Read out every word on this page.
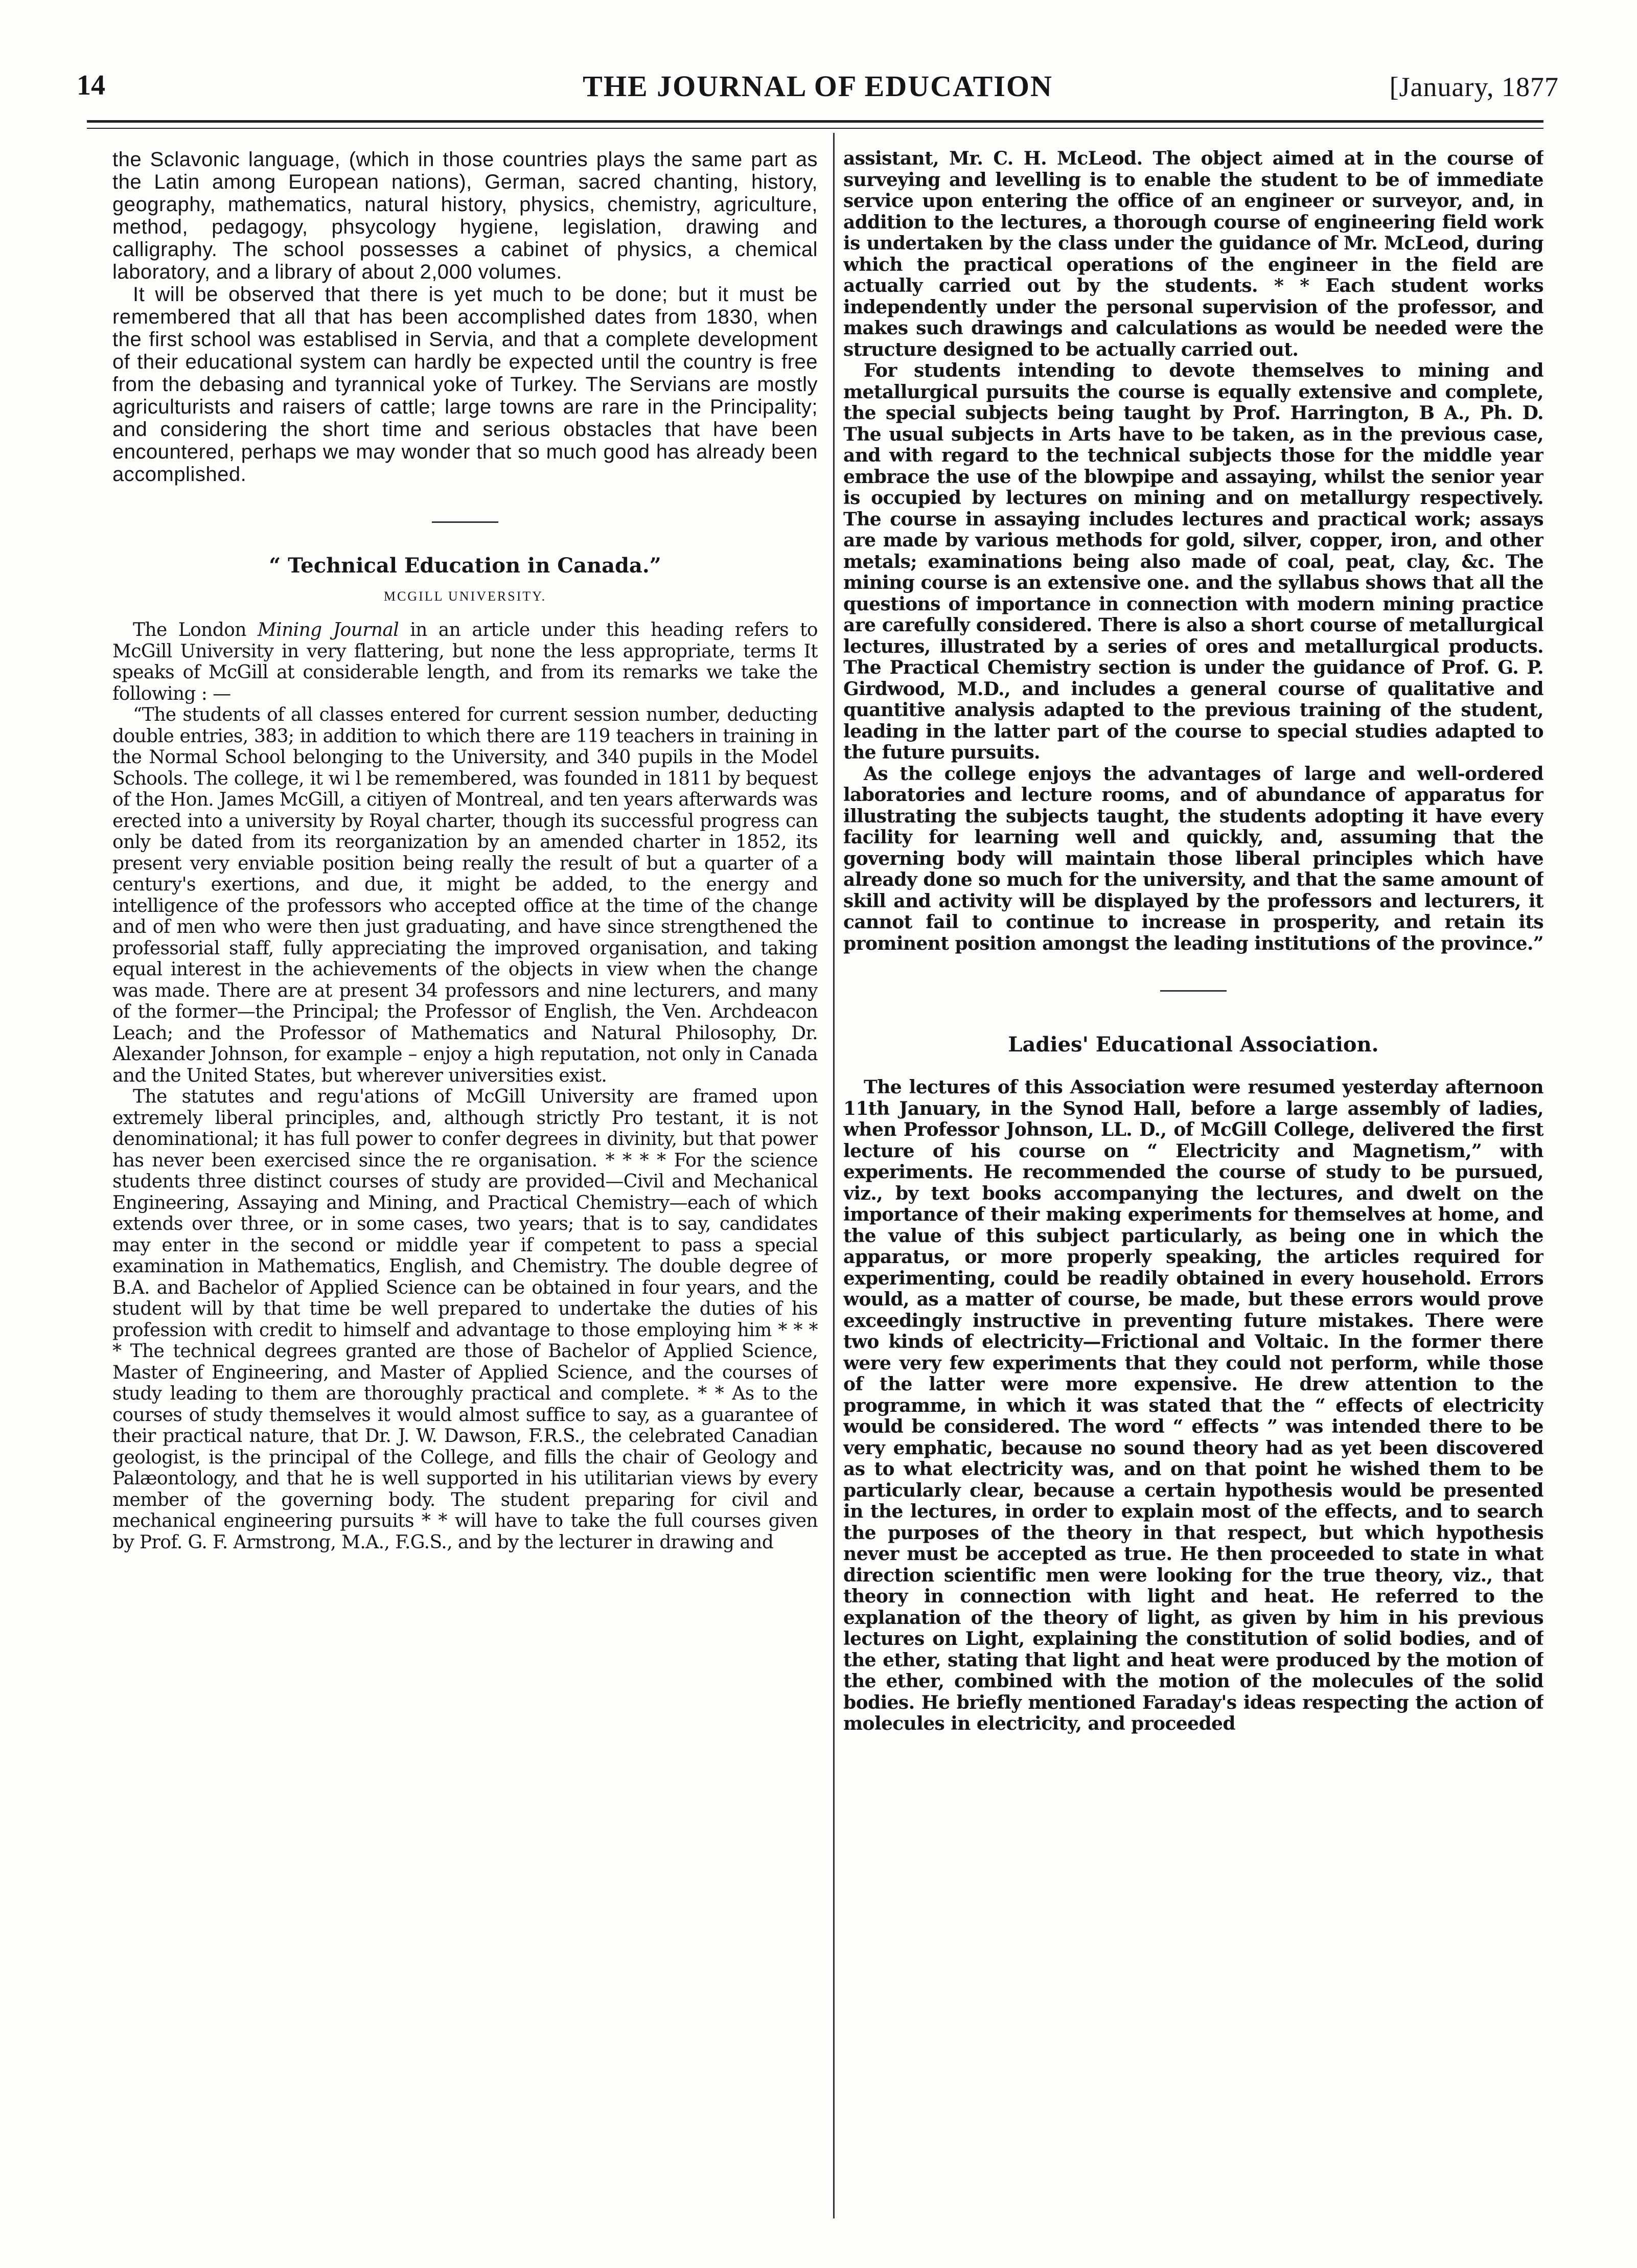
14	THE JOURNAL OF EDUCATION	[January, 1877

the Sclavonic language, (which in those countries plays the same part as the Latin among European nations), German, sacred chanting, history, geography, mathematics, natural history, physics, chemistry, agriculture, method, pedagogy, phsycology hygiene, legislation, drawing and calligraphy. The school possesses a cabinet of physics, a chemical laboratory, and a library of about 2,000 volumes.

It will be observed that there is yet much to be done; but it must be remembered that all that has been accomplished dates from 1830, when the first school was establised in Servia, and that a complete development of their educational system can hardly be expected until the country is free from the debasing and tyrannical yoke of Turkey. The Servians are mostly agriculturists and raisers of cattle; large towns are rare in the Principality; and considering the short time and serious obstacles that have been encountered, perhaps we may wonder that so much good has already been accomplished.

“ Technical Education in Canada.”

MCGILL UNIVERSITY.

The London Mining Journal in an article under this heading refers to McGill University in very flattering, but none the less appropriate, terms It speaks of McGill at considerable length, and from its remarks we take the following : —

“The students of all classes entered for current session number, deducting double entries, 383; in addition to which there are 119 teachers in training in the Normal School belonging to the University, and 340 pupils in the Model Schools. The college, it wi l be remembered, was founded in 1811 by bequest of the Hon. James McGill, a citiyen of Montreal, and ten years afterwards was erected into a university by Royal charter, though its successful progress can only be dated from its reorganization by an amended charter in 1852, its present very enviable position being really the result of but a quarter of a century's exertions, and due, it might be added, to the energy and intelligence of the professors who accepted office at the time of the change and of men who were then just graduating, and have since strengthened the professorial staff, fully appreciating the improved organisation, and taking equal interest in the achievements of the objects in view when the change was made. There are at present 34 professors and nine lecturers, and many of the former—the Principal; the Professor of English, the Ven. Archdeacon Leach; and the Professor of Mathematics and Natural Philosophy, Dr. Alexander Johnson, for example – enjoy a high reputation, not only in Canada and the United States, but wherever universities exist.

The statutes and regu'ations of McGill University are framed upon extremely liberal principles, and, although strictly Pro testant, it is not denominational; it has full power to confer degrees in divinity, but that power has never been exercised since the re organisation. * * * * For the science students three distinct courses of study are provided—Civil and Mechanical Engineering, Assaying and Mining, and Practical Chemistry—each of which extends over three, or in some cases, two years; that is to say, candidates may enter in the second or middle year if competent to pass a special examination in Mathematics, English, and Chemistry. The double degree of B.A. and Bachelor of Applied Science can be obtained in four years, and the student will by that time be well prepared to undertake the duties of his profession with credit to himself and advantage to those employing him * * * * The technical degrees granted are those of Bachelor of Applied Science, Master of Engineering, and Master of Applied Science, and the courses of study leading to them are thoroughly practical and complete. * * As to the courses of study themselves it would almost suffice to say, as a guarantee of their practical nature, that Dr. J. W. Dawson, F.R.S., the celebrated Canadian geologist, is the principal of the College, and fills the chair of Geology and Palæontology, and that he is well supported in his utilitarian views by every member of the governing body. The student preparing for civil and mechanical engineering pursuits * * will have to take the full courses given by Prof. G. F. Armstrong, M.A., F.G.S., and by the lecturer in drawing and

assistant, Mr. C. H. McLeod. The object aimed at in the course of surveying and levelling is to enable the student to be of immediate service upon entering the office of an engineer or surveyor, and, in addition to the lectures, a thorough course of engineering field work is undertaken by the class under the guidance of Mr. McLeod, during which the practical operations of the engineer in the field are actually carried out by the students. * * Each student works independently under the personal supervision of the professor, and makes such drawings and calculations as would be needed were the structure designed to be actually carried out.

For students intending to devote themselves to mining and metallurgical pursuits the course is equally extensive and complete, the special subjects being taught by Prof. Harrington, B A., Ph. D. The usual subjects in Arts have to be taken, as in the previous case, and with regard to the technical subjects those for the middle year embrace the use of the blowpipe and assaying, whilst the senior year is occupied by lectures on mining and on metallurgy respectively. The course in assaying includes lectures and practical work; assays are made by various methods for gold, silver, copper, iron, and other metals; examinations being also made of coal, peat, clay, &c. The mining course is an extensive one. and the syllabus shows that all the questions of importance in connection with modern mining practice are carefully considered. There is also a short course of metallurgical lectures, illustrated by a series of ores and metallurgical products. The Practical Chemistry section is under the guidance of Prof. G. P. Girdwood, M.D., and includes a general course of qualitative and quantitive analysis adapted to the previous training of the student, leading in the latter part of the course to special studies adapted to the future pursuits.

As the college enjoys the advantages of large and well-ordered laboratories and lecture rooms, and of abundance of apparatus for illustrating the subjects taught, the students adopting it have every facility for learning well and quickly, and, assuming that the governing body will maintain those liberal principles which have already done so much for the university, and that the same amount of skill and activity will be displayed by the professors and lecturers, it cannot fail to continue to increase in prosperity, and retain its prominent position amongst the leading institutions of the province.”

Ladies' Educational Association.

The lectures of this Association were resumed yesterday afternoon 11th January, in the Synod Hall, before a large assembly of ladies, when Professor Johnson, LL. D., of McGill College, delivered the first lecture of his course on “ Electricity and Magnetism,” with experiments. He recommended the course of study to be pursued, viz., by text books accompanying the lectures, and dwelt on the importance of their making experiments for themselves at home, and the value of this subject particularly, as being one in which the apparatus, or more properly speaking, the articles required for experimenting, could be readily obtained in every household. Errors would, as a matter of course, be made, but these errors would prove exceedingly instructive in preventing future mistakes. There were two kinds of electricity—Frictional and Voltaic. In the former there were very few experiments that they could not perform, while those of the latter were more expensive. He drew attention to the programme, in which it was stated that the “ effects of electricity would be considered. The word “ effects ” was intended there to be very emphatic, because no sound theory had as yet been discovered as to what electricity was, and on that point he wished them to be particularly clear, because a certain hypothesis would be presented in the lectures, in order to explain most of the effects, and to search the purposes of the theory in that respect, but which hypothesis never must be accepted as true. He then proceeded to state in what direction scientific men were looking for the true theory, viz., that theory in connection with light and heat. He referred to the explanation of the theory of light, as given by him in his previous lectures on Light, explaining the constitution of solid bodies, and of the ether, stating that light and heat were produced by the motion of the ether, combined with the motion of the molecules of the solid bodies. He briefly mentioned Faraday's ideas respecting the action of molecules in electricity, and proceeded
